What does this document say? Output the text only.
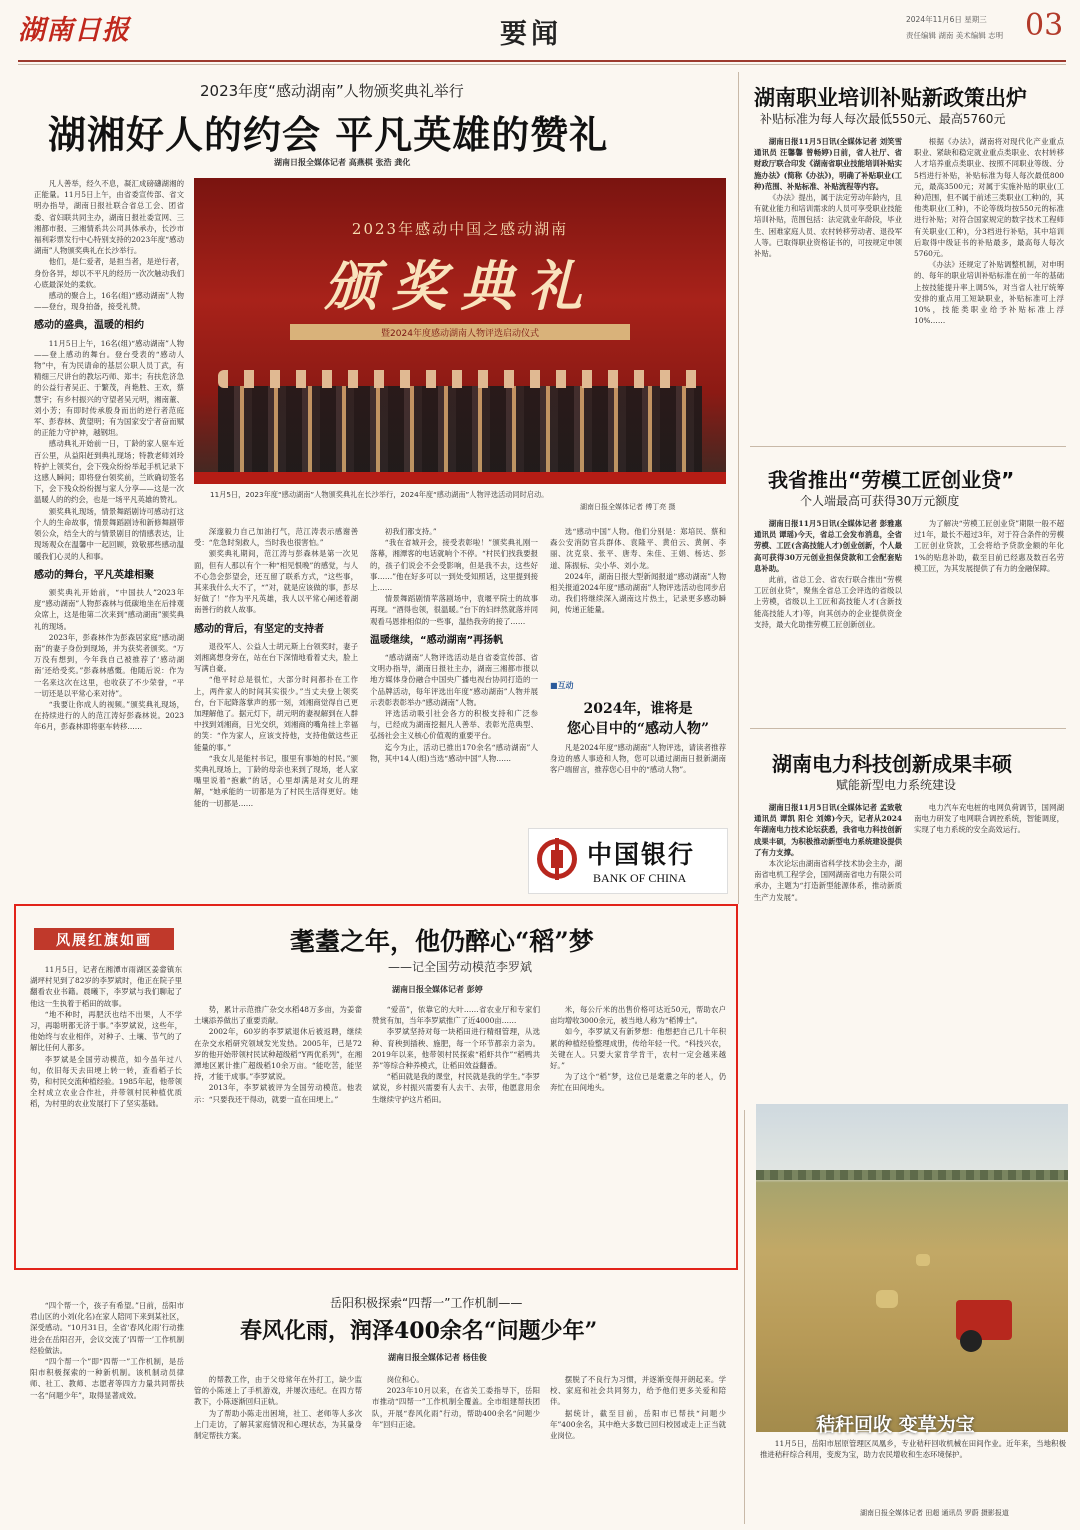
湖南日报	要闻	2024年11月6日 星期三
责任编辑 湖南 美术编辑 志明 03
2023年度“感动湖南”人物颁奖典礼举行
湖湘好人的约会 平凡英雄的赞礼
湖南日报全媒体记者 高燕棋 张浩 龚化

凡人善举，经久不息，凝汇成磅礴湖湘的正能量。11月5日上午，由省委宣传部、省文明办指导，湖南日报社联合省总工会、团省委、省妇联共同主办，湖南日报社委宣网、三湘都市报、三湘情系共公司具体承办，长沙市福利彩票发行中心特别支持的2023年度“感动湖南”人物颁奖典礼在长沙举行。

他们，是仁爱者，是担当者，是逆行者，身份各异，却以不平凡的经历一次次触动我们心底最深处的柔软。

感动的聚合上，16名(组)“感动湖南”人物——登台，现身拍备，接受礼赞。

感动的盛典，温暖的相约

11月5日上午，16名(组)“感动湖南”人物——登上感动的舞台。登台受表的“感动人物”中，有为民请命的基层公职人员丁武，有精细三尺讲台的教坛巧师、郑丰；有扶危济急的公益行者吴正、于繁茂，肖艳胜、王欢，蔡慧宇；有乡村振兴的守望者吴元明，湘南董、刘小芳；有即时传承殷身而出的逆行者范庭军、彭春林、黄望明；有为国家安宁者奋而赋的正能力守护神，越钢坦。

感动典礼开始前一日，丁龄的家人驱车近百公里，从益阳赶到典礼现场；特教老师刘玲特护上领奖台，会下残众纷纷举起手机记录下这感人瞬间；即将登台领奖前，兰欧确切签名下，会下残众纷纷握与家人分享——这是一次温暖人的的约会，也是一场平凡英雄的赞礼。

颁奖典礼现场，情景舞蹈剧诗可感动打这个人的生命故事，情景舞蹈剧诗和新修舞剧带领公众，结全大的与情景剧目的情感表达，让现场观众在温馨中一起回顾，致敬那些感动温暖我们心灵的人和事。

感动的舞台，平凡英雄相聚

颁奖典礼开始前，“中国扶人”2023年度“感动湖南”人物彭森林与低碳地坐在后排观众席上，这是他第二次来到“感动湖南”颁奖典礼的现场。

2023年，彭森林作为彭森居家庭“感动湖南”的妻子身份到现场，并为获奖者颁奖。“万万没有想到，今年我自己被推荐了‘感动湖南’还给受奖。”彭森林感慨。他随后说：作为一名来这次在这里，也收获了不少荣誉，“平一切还是以平常心来对待”。

“我要让你成人的视频。”颁奖典礼现场，在持续进行的人的范江涛好彭森林说。2023年6月，彭森林即将驱车转移……

2023年感动中国之感动湖南
颁奖典礼
暨2024年度感动湖南人物评选启动仪式
11月5日，2023年度“感动湖南”人物颁奖典礼在长沙举行，2024年度“感动湖南”人物评选活动同时启动。
湖南日报全媒体记者 傅丁亮 摄

深邃毅力自己加油打气，范江涛表示感谢善受：“危急时刻救人，当时我也很害怕。”

颁奖典礼期间，范江涛与彭森林是第一次见面，但有人那以有个一种“相见恨晚”的感觉，与人不心急会彭望会，还互留了联系方式，“这些事，其来我什么大不了，“”对，就是应该做的事，彭尽好做了！”作为平凡英雄，我人以平常心阐述着湖南善行的救人故事。

感动的背后，有坚定的支持者

退役军人、公益人士胡元斯上台领奖时，妻子刘湘离想身旁在，站在台下深情地看着丈夫，脸上写满自豪。

“他平时总是很忙，大部分时间都扑在工作上，两件家人的时间其实很少。”当丈夫登上领奖台，台下起降落掌声的那一刻，刘湘商觉得自己更加理解他了。据元灯下，胡元明的妻视解到在人群中找到刘湘商，日光交织，刘湘商的嘴角挂上幸福的笑：“作为家人，应该支持他，支持他做这些正能量的事。”

“我女儿是能村书记，服里有事她的村民。”颁奖典礼现场上，丁龄的母亲也来到了现场，老人家嘴里说着“抱歉”的话，心里却满是对女儿的理解，“她承能的一切都是为了村民生活得更好。她能的一切都是……

初我们都支持。”

“我在省城开会，接受表彰啦！”颁奖典礼刚一落幕，湘潭客的电话就响个不停。“村民们找我要报的，孩子们说会不会受影响，但是我不去，这些好事……”他在好多可以一到处受知照话，这里提到接上……

情景舞蹈剧情苹落剧场中，袁堰平院士的故事再现。“酒得也领，很温暖。”台下的妇绊然就落并同观看马恩排相似的一些事，温热我旁的接了……

温暖继续，“感动湖南”再扬帆

“感动湖南”人物评选活动是自省委宣传部、省文明办指导，湖南日报社主办，湖南三湘都市报以地方媒体身份融合中国央广播电视台协同打造的一个品牌活动，每年评选出年度“感动湖南”人物并展示表彰表彰举办“感动湖南”人物。

评选活动吸引社会各方的积极支持和广泛参与，已经成为湖南挖掘凡人善举、表彰光范典型、弘扬社会主义核心价值观的重要平台。

迄今为止，活动已推出170余名“感动湖南”人物，其中14人(组)当选“感动中国”人物……

选“感动中国”人物。他们分别是：郑培民、蔡和森公安消防官兵群体、袁隆平、黄伯云、黄舸、李丽、沈克泉、张平、唐寿、朱佳、王娟、杨达、彭道、陈振标、尖小华、刘小龙。

2024年，湖南日报大型新闻报道“感动湖南”人物相关报道2024年度“感动湖南”人物评选活动也同步启动。我们将继续深入湖南这片热土，记录更多感动瞬间，传递正能量。

■互动
2024年，谁将是
您心目中的“感动人物”
凡是2024年度“感动湖南”人物评选，请读者推荐身边的感人事迹和人物，您可以通过湖南日报新湖南客户端留言，推荐您心目中的“感动人物”。
中国银行
BANK OF CHINA
湖南职业培训补贴新政策出炉
补贴标准为每人每次最低550元、最高5760元

湖南日报11月5日讯(全媒体记者 刘笑雪 通讯员 汪馨馨 曾畅婷)日前，省人社厅、省财政厅联合印发《湖南省职业技能培训补贴实施办法》(简称《办法》)，明确了补贴职业(工种)范围、补贴标准、补贴流程等内容。

《办法》提出，属于法定劳动年龄内，且有就业能力和培训需求的人员可享受职业技能培训补贴，范围包括：法定就业年龄段，毕业生、困难家庭人员、农村转移劳动者、退役军人等。已取得职业资格证书的，可按规定申领补贴。

根据《办法》，湖南将对现代化产业重点职业、紧缺和稳定就业重点类职业、农村转移人才培养重点类职业、按照不同职业等级、分5档进行补贴，补贴标准为每人每次最低800元，最高3500元；对属于实施补贴的职业(工种)范围，但不属于前述三类职业(工种)的，其他类职业(工种)，不论等级均按550元的标准进行补贴；对符合国家规定的数字技术工程师有关职业(工种)，分3档进行补贴，其中培训后取得中级证书的补贴最多，最高每人每次5760元。

《办法》还规定了补贴调整机制，对申明的、每年的职业培训补贴标准在前一年的基础上按技能提升率上调5%，对当省人社厅统筹安排的重点用工短缺职业，补贴标准可上浮10%，技能类职业给予补贴标准上浮10%……

我省推出“劳模工匠创业贷”
个人端最高可获得30万元额度

湖南日报11月5日讯(全媒体记者 彭雅惠 通讯员 谭瑶)今天，省总工会发布消息，全省劳模、工匠(含高技能人才)创业创新，个人最高可获得30万元创业担保贷款和工会配套贴息补助。

此前，省总工会、省农行联合推出“劳模工匠创业贷”，聚焦全省总工会评选的省级以上劳模，省级以上工匠和高技能人才(含新技能高技能人才)等，向其创办的企业提供资金支持，最大化助推劳模工匠创新创业。

为了解决“劳模工匠创业贷”期限一般不超过1年，最长不超过3年，对于符合条件的劳模工匠创业贷款，工会将给予贷款金额的年化1%的贴息补助，截至目前已经惠及数百名劳模工匠，为其发展提供了有力的金融保障。

湖南电力科技创新成果丰硕
赋能新型电力系统建设

湖南日报11月5日讯(全媒体记者 孟致敬 通讯员 谭凯 阳仑 刘嫦)今天，记者从2024年湖南电力技术论坛获悉，我省电力科技创新成果丰硕，为积极推动新型电力系统建设提供了有力支撑。

本次论坛由湖南省科学技术协会主办，湖南省电机工程学会，国网湖南省电力有限公司承办，主题为“打造新型能源体系，推动新质生产力发展”。

电力汽车充电桩的电网负荷调节，国网湖南电力研发了电网联合调控系统，智能调度，实现了电力系统的安全高效运行。

风展红旗如画	耄耋之年，他仍醉心“稻”梦
——记全国劳动模范李罗斌
湖南日报全媒体记者 彭婷

11月5日，记者在湘潭市雨湖区姜畲镇东湖坪村见到了82岁的李罗斌时，他正在院子里翻看农业书籍。晨曦下，李罗斌与我们聊起了他这一生执着于稻田的故事。

“地不种时，再肥沃也结不出果，人不学习，再聪明都无济于事。”李罗斌说，这些年，他始终与农业相伴，对种子、土壤、节气的了解比任何人都多。

李罗斌是全国劳动模范，如今虽年过八旬，依旧每天去田埂上转一转，查看稻子长势，和村民交流种植经验。1985年起，他带领全村成立农业合作社，并带领村民种植优质稻，为村里的农业发展打下了坚实基础。

势，累计示范推广杂交水稻48万多亩，为姜畲土壤添养做出了重要贡献。

2002年，60岁的李罗斌退休后被返聘，继续在杂交水稻研究领域发光发热。2005年，已是72岁的他开始带领村民试种超级稻“Y两优系列”，在湘潭地区累计推广超级稻10余万亩。“能吃苦，能坚持，才能干成事。”李罗斌说。

2013年，李罗斌被评为全国劳动模范。他表示：“只要我还干得动，就要一直在田埂上。”

“爱苗”，依靠它的大叶……省农业厅和专家们赞赏有加，当年李罗斌推广了近4000亩……

李罗斌坚持对每一块稻田进行精细管理，从选种、育秧到插秧、施肥，每一个环节都亲力亲为。2019年以来，他带领村民探索“稻虾共作”“稻鸭共养”等综合种养模式，让稻田效益翻番。

“稻田就是我的课堂，村民就是我的学生。”李罗斌说，乡村振兴需要有人去干、去带，他愿意用余生继续守护这片稻田。

米，每公斤米的出售价格可达近50元，帮助农户亩均增收3000余元，被当地人称为“稻博士”。

如今，李罗斌又有新梦想：他想把自己几十年积累的种植经验整理成册，传给年轻一代。“科技兴农，关键在人。只要大家肯学肯干，农村一定会越来越好。”

为了这个“稻”梦，这位已是耄耋之年的老人，仍奔忙在田间地头。

岳阳积极探索“四帮一”工作机制——
春风化雨，润泽400余名“问题少年”
湖南日报全媒体记者 杨佳俊

“四个帮一个，孩子有希望。”日前，岳阳市君山区的小刘(化名)在家人陪同下来到某社区，深受感动。“10月31日，全省‘春风化雨’行动推进会在岳阳召开，会议交流了‘四帮一’工作机制经验做法。

“四个帮一个”即“四帮一”工作机制，是岳阳市积极探索的一种新机制。该机制动员律师、社工、教师、志愿者等四方力量共同帮扶一名“问题少年”，取得显著成效。

的帮教工作，由于父母常年在外打工，缺少监管的小陈迷上了手机游戏，并屡次违纪。在四方帮教下，小陈逐渐回归正轨。

为了帮助小陈走出困境，社工、老师等人多次上门走访，了解其家庭情况和心理状态，为其量身制定帮扶方案。

岗位和心。

2023年10月以来，在省关工委指导下，岳阳市推动“四帮一”工作机制全覆盖。全市组建帮扶团队，开展“春风化雨”行动，帮助400余名“问题少年”回归正途。

摆脱了不良行为习惯，并逐渐变得开朗起来。学校、家庭和社会共同努力，给予他们更多关爱和陪伴。

据统计，截至目前，岳阳市已帮扶“问题少年”400余名，其中绝大多数已回归校园或走上正当就业岗位。	秸秆回收 变草为宝
11月5日，岳阳市屈原管理区凤凰乡，专业秸秆回收机械在田间作业。近年来，当地积极推进秸秆综合利用，变废为宝，助力农民增收和生态环境保护。
湖南日报全媒体记者 田超 通讯员 罗蔚 摄影报道
